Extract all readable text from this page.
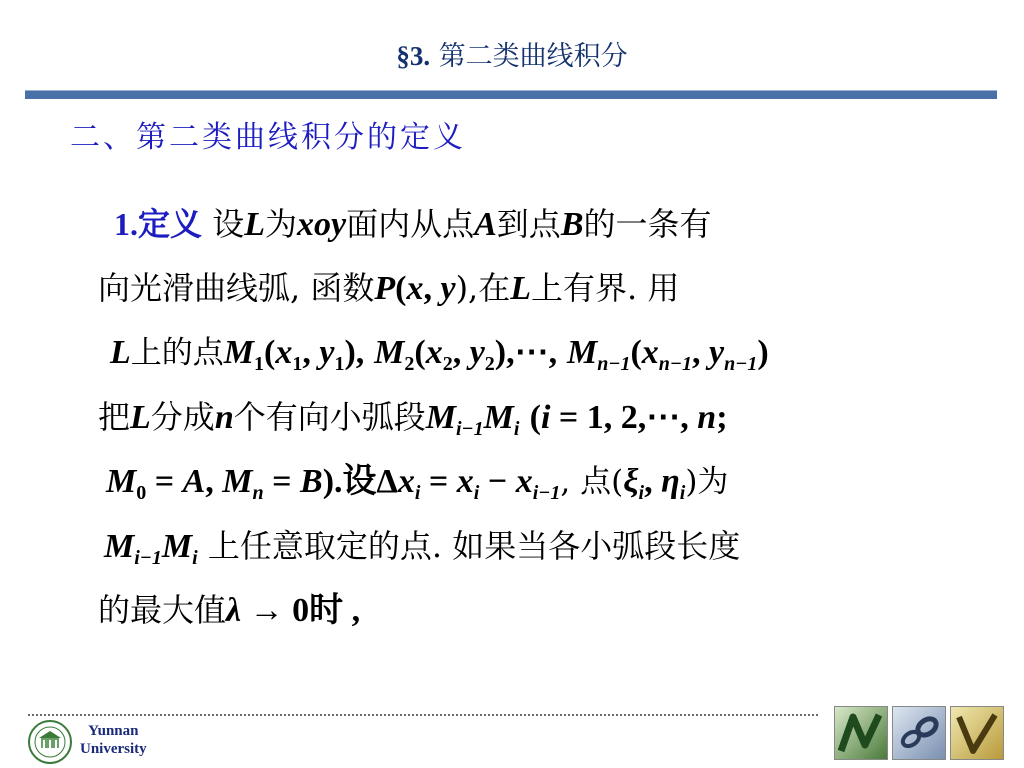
§3. 第二类曲线积分
二、第二类曲线积分的定义
1.定义 设L为xoy面内从点A到点B的一条有
向光滑曲线弧, 函数P(x, y),在L上有界. 用
L上的点$M_1(x_1$, $y_1$), $M_2(x_2$, $y_2),\cdots$, $M_{n-1}(x_{n-1}$, $y_{n-1}$)
把L分成n个有向小弧段$M_{i-1}M_i$ (i = 1, 2,⋯, n;
$M_0 = A$, $M_n = B$).设$\Delta x_i = x_i - x_{i-1}$, 点($\xi_i$, $\eta_i$)为
$M_{i-1}M_i$ 上任意取定的点. 如果当各小弧段长度
的最大值λ → 0时 ,
Yunnan
University
